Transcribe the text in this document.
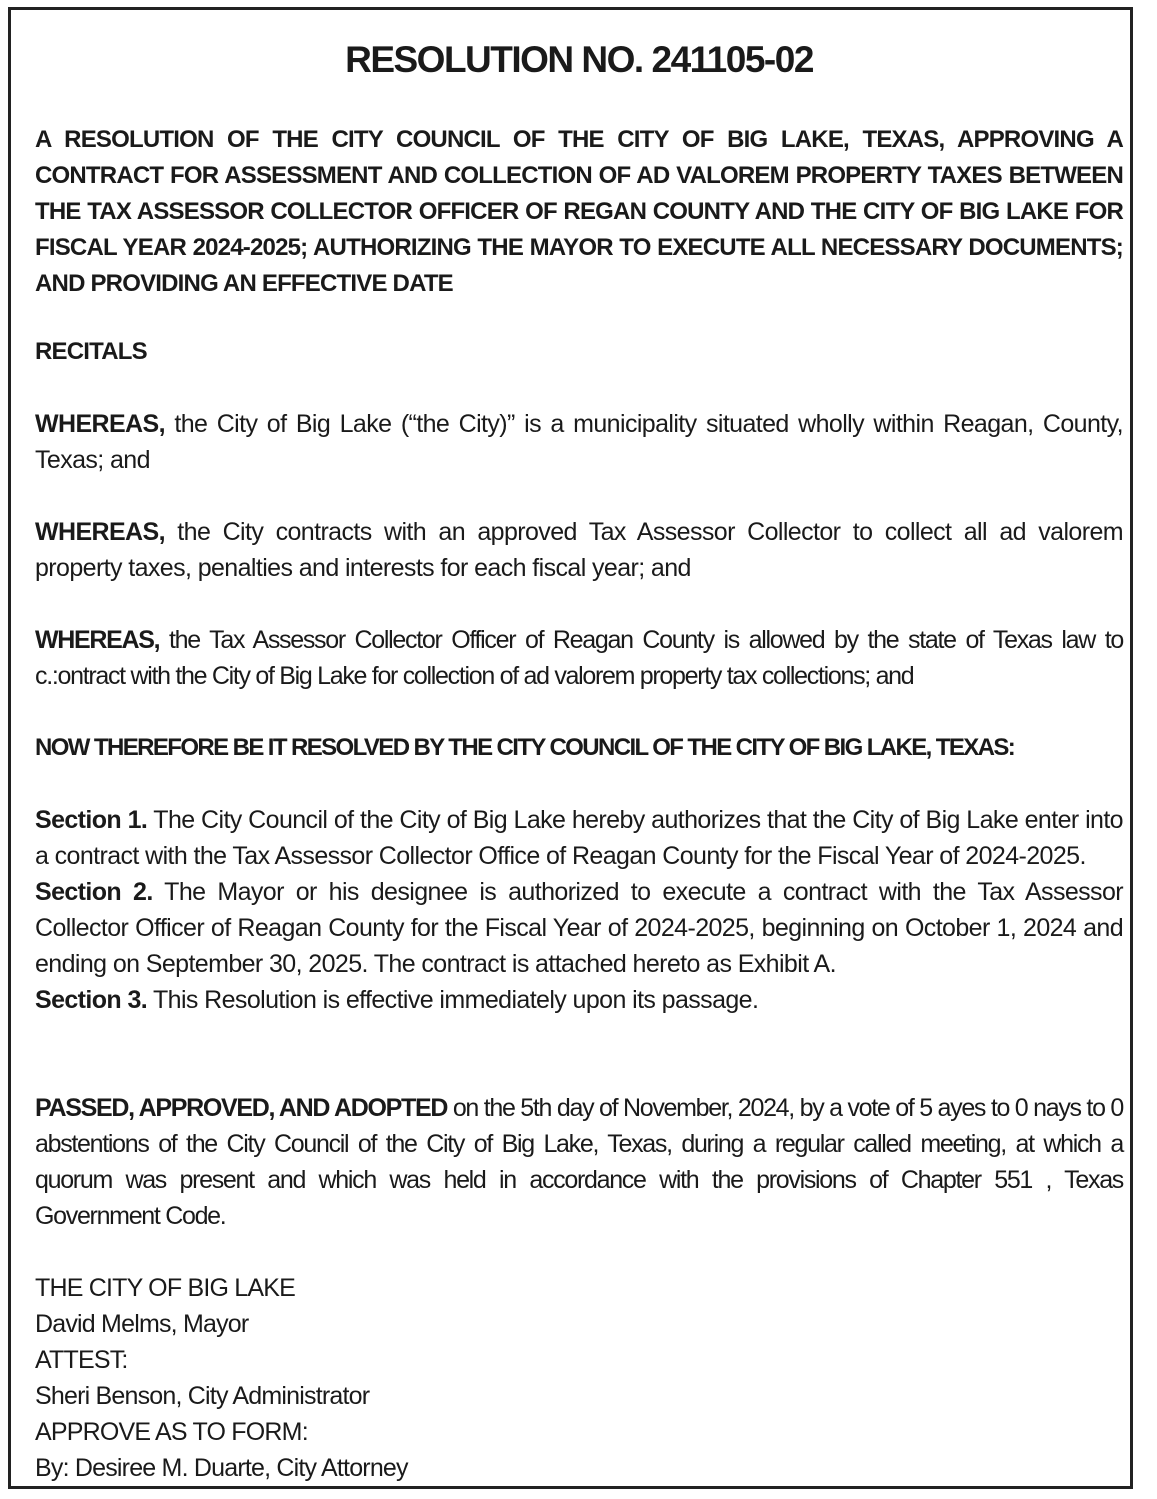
RESOLUTION NO. 241105-02

A RESOLUTION OF THE CITY COUNCIL OF THE CITY OF BIG LAKE, TEXAS, APPROVING A CONTRACT FOR ASSESSMENT AND COLLECTION OF AD VALOREM PROPERTY TAXES BETWEEN THE TAX ASSESSOR COLLECTOR OFFICER OF REGAN COUNTY AND THE CITY OF BIG LAKE FOR FISCAL YEAR 2024-2025; AUTHORIZING THE MAYOR TO EXECUTE ALL NECESSARY DOCUMENTS; AND PROVIDING AN EFFECTIVE DATE

RECITALS

WHEREAS, the City of Big Lake (“the City)” is a municipality situated wholly within Reagan, County, Texas; and

WHEREAS, the City contracts with an approved Tax Assessor Collector to collect all ad valorem property taxes, penalties and interests for each fiscal year; and

WHEREAS, the Tax Assessor Collector Officer of Reagan County is allowed by the state of Texas law to c.:ontract with the City of Big Lake for collection of ad valorem property tax collections; and

NOW THEREFORE BE IT RESOLVED BY THE CITY COUNCIL OF THE CITY OF BIG LAKE, TEXAS:

Section 1. The City Council of the City of Big Lake hereby authorizes that the City of Big Lake enter into a contract with the Tax Assessor Collector Office of Reagan County for the Fiscal Year of 2024-2025.

Section 2. The Mayor or his designee is authorized to execute a contract with the Tax Assessor Collector Officer of Reagan County for the Fiscal Year of 2024-2025, beginning on October 1, 2024 and ending on September 30, 2025. The contract is attached hereto as Exhibit A.

Section 3. This Resolution is effective immediately upon its passage.

PASSED, APPROVED, AND ADOPTED on the 5th day of November, 2024, by a vote of 5 ayes to 0 nays to 0 abstentions of the City Council of the City of Big Lake, Texas, during a regular called meeting, at which a quorum was present and which was held in accordance with the provisions of Chapter 551 , Texas Government Code.

THE CITY OF BIG LAKE
David Melms, Mayor
ATTEST:
Sheri Benson, City Administrator
APPROVE AS TO FORM:
By: Desiree M. Duarte, City Attorney
